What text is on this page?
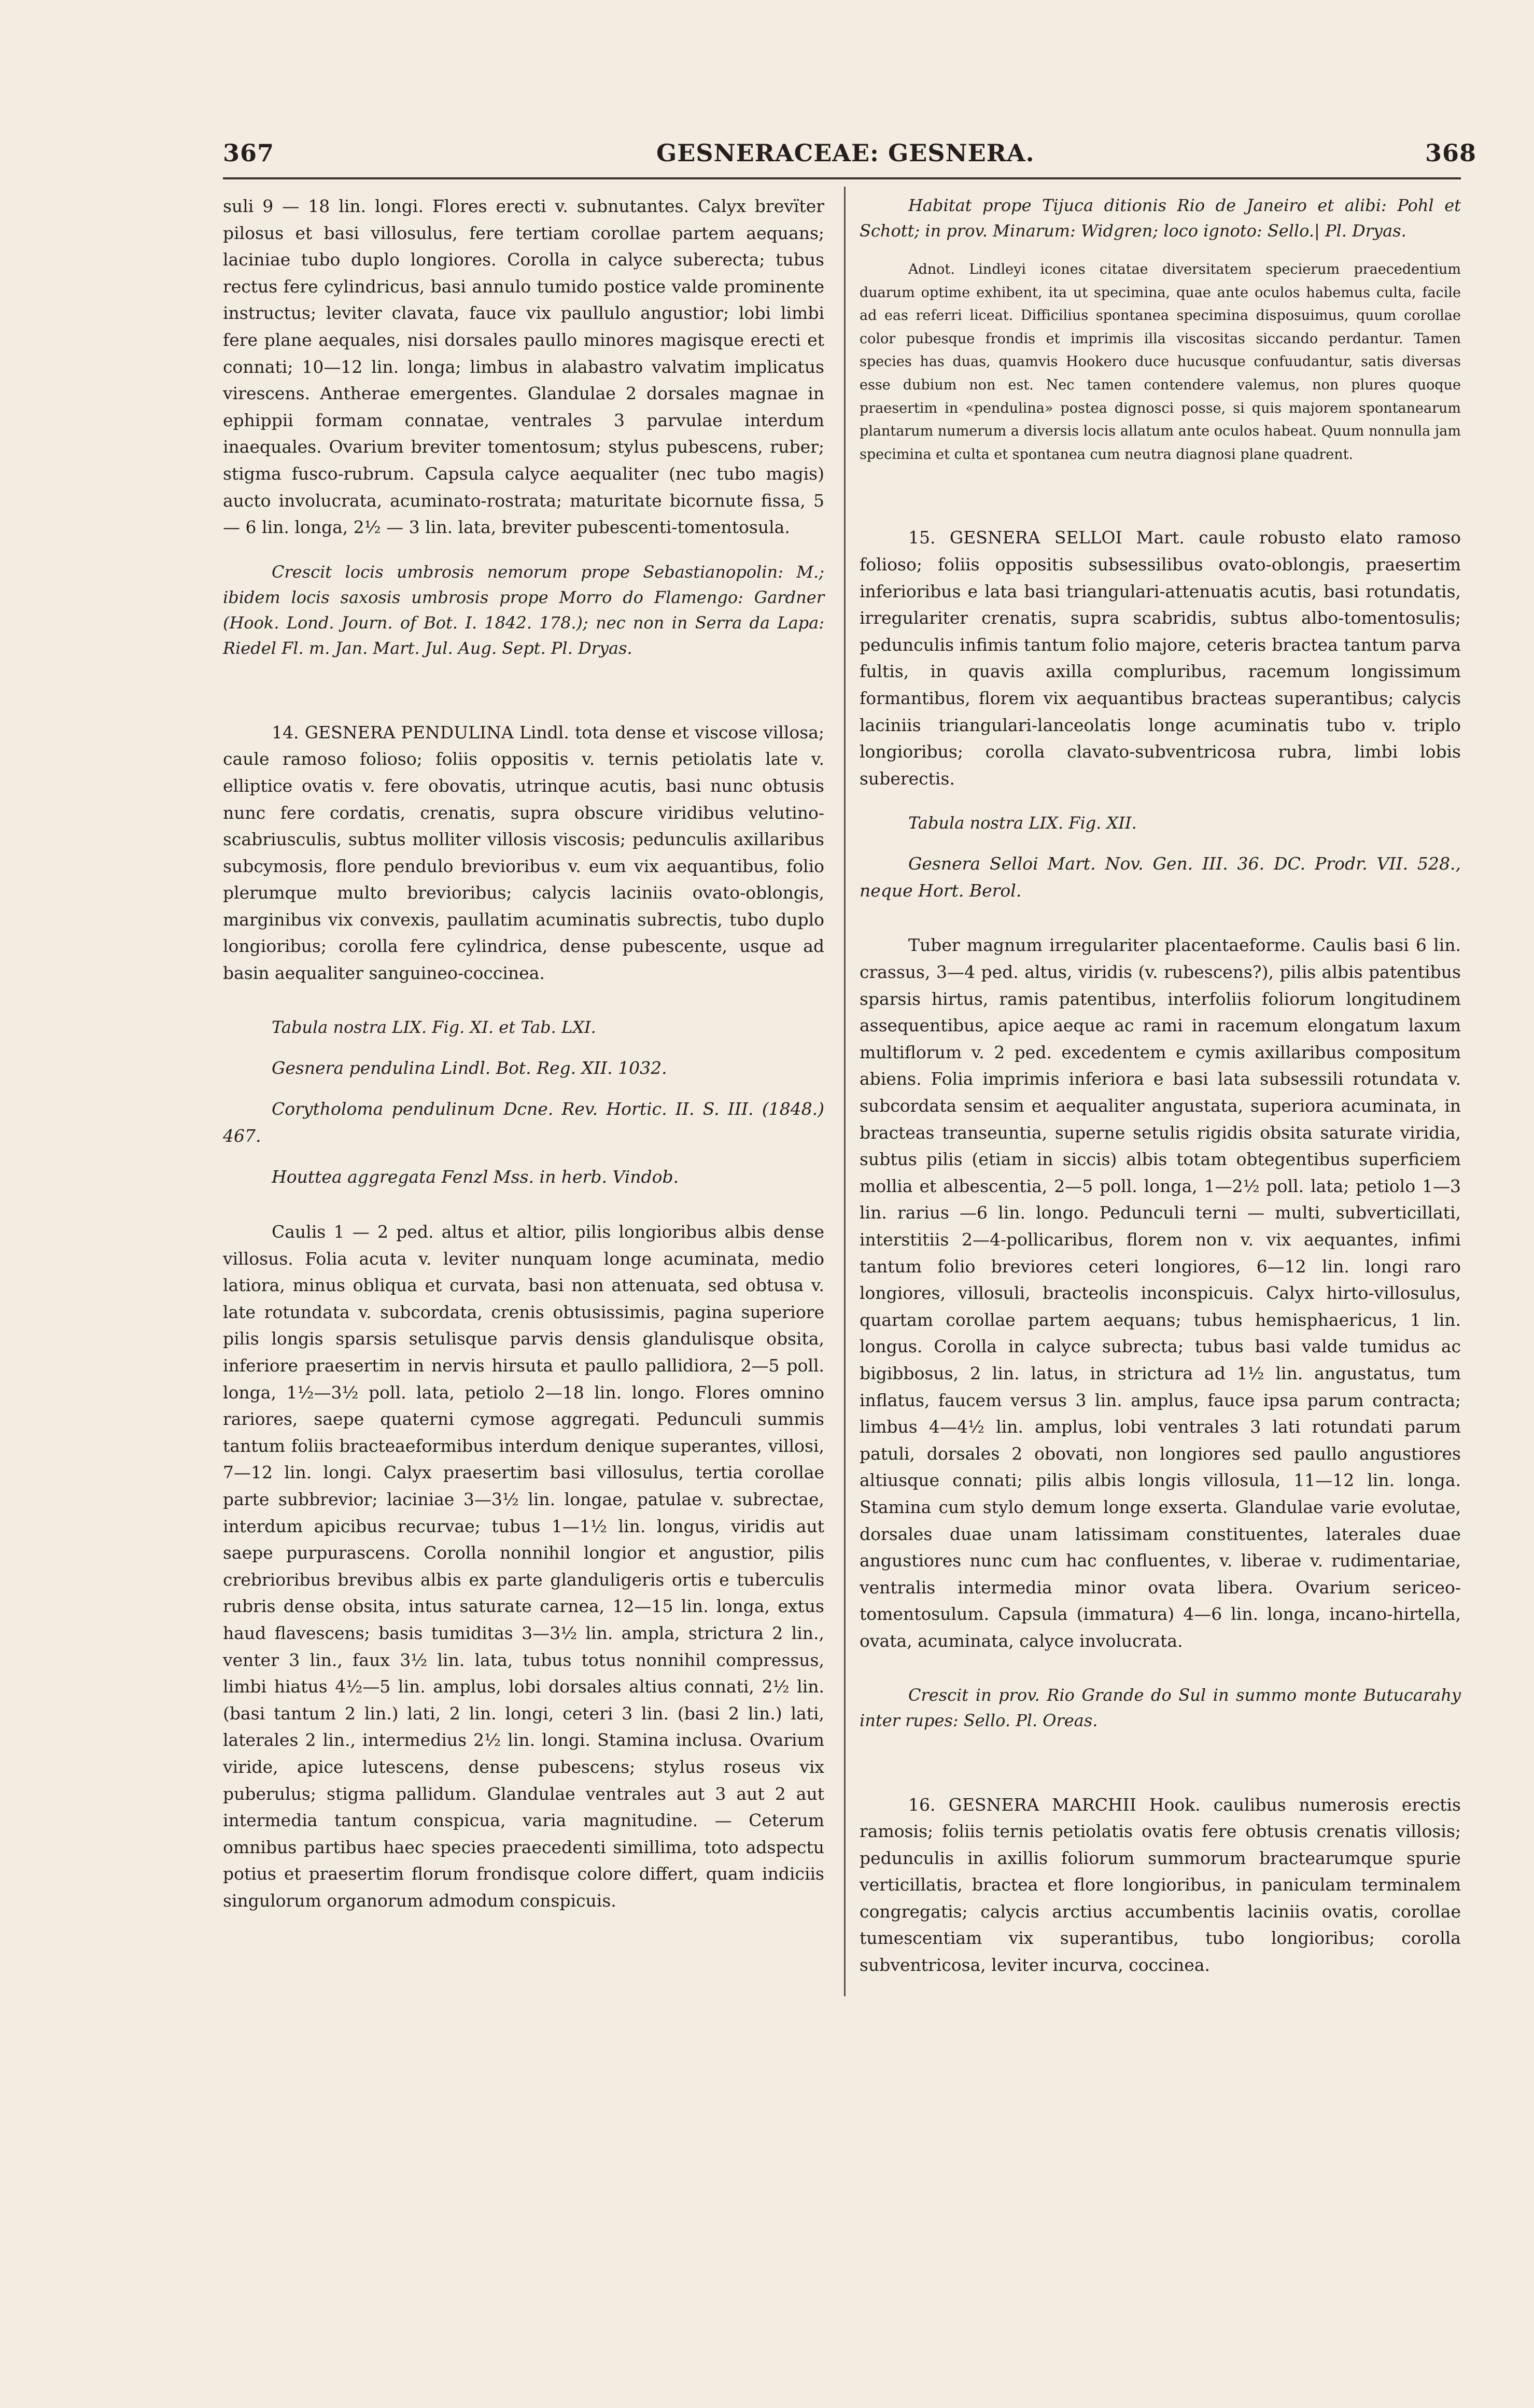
367	GESNERACEAE: GESNERA.	368

suli 9 — 18 lin. longi. Flores erecti v. subnutantes. Calyx brevïter pilosus et basi villosulus, fere tertiam corollae partem aequans; laciniae tubo duplo longiores. Corolla in calyce suberecta; tubus rectus fere cylindricus, basi annulo tumido postice valde prominente instructus; leviter clavata, fauce vix paullulo angustior; lobi limbi fere plane aequales, nisi dorsales paullo minores magisque erecti et connati; 10—12 lin. longa; limbus in alabastro valvatim implicatus virescens. Antherae emergentes. Glandulae 2 dorsales magnae in ephippii formam connatae, ventrales 3 parvulae interdum inaequales. Ovarium breviter tomentosum; stylus pubescens, ruber; stigma fusco-rubrum. Capsula calyce aequaliter (nec tubo magis) aucto involucrata, acuminato-rostrata; maturitate bicornute fissa, 5 — 6 lin. longa, 2½ — 3 lin. lata, breviter pubescenti-tomentosula.

Crescit locis umbrosis nemorum prope Sebastianopolin: M.; ibidem locis saxosis umbrosis prope Morro do Flamengo: Gardner (Hook. Lond. Journ. of Bot. I. 1842. 178.); nec non in Serra da Lapa: Riedel Fl. m. Jan. Mart. Jul. Aug. Sept. Pl. Dryas.

14. GESNERA PENDULINA Lindl. tota dense et viscose villosa; caule ramoso folioso; foliis oppositis v. ternis petiolatis late v. elliptice ovatis v. fere obovatis, utrinque acutis, basi nunc obtusis nunc fere cordatis, crenatis, supra obscure viridibus velutino-scabriusculis, subtus molliter villosis viscosis; pedunculis axillaribus subcymosis, flore pendulo brevioribus v. eum vix aequantibus, folio plerumque multo brevioribus; calycis laciniis ovato-oblongis, marginibus vix convexis, paullatim acuminatis subrectis, tubo duplo longioribus; corolla fere cylindrica, dense pubescente, usque ad basin aequaliter sanguineo-coccinea.

Tabula nostra LIX. Fig. XI. et Tab. LXI.

Gesnera pendulina Lindl. Bot. Reg. XII. 1032.

Corytholoma pendulinum Dcne. Rev. Hortic. II. S. III. (1848.) 467.

Houttea aggregata Fenzl Mss. in herb. Vindob.

Caulis 1 — 2 ped. altus et altior, pilis longioribus albis dense villosus. Folia acuta v. leviter nunquam longe acuminata, medio latiora, minus obliqua et curvata, basi non attenuata, sed obtusa v. late rotundata v. subcordata, crenis obtusissimis, pagina superiore pilis longis sparsis setulisque parvis densis glandulisque obsita, inferiore praesertim in nervis hirsuta et paullo pallidiora, 2—5 poll. longa, 1½—3½ poll. lata, petiolo 2—18 lin. longo. Flores omnino rariores, saepe quaterni cymose aggregati. Pedunculi summis tantum foliis bracteaeformibus interdum denique superantes, villosi, 7—12 lin. longi. Calyx praesertim basi villosulus, tertia corollae parte subbrevior; laciniae 3—3½ lin. longae, patulae v. subrectae, interdum apicibus recurvae; tubus 1—1½ lin. longus, viridis aut saepe purpurascens. Corolla nonnihil longior et angustior, pilis crebrioribus brevibus albis ex parte glanduligeris ortis e tuberculis rubris dense obsita, intus saturate carnea, 12—15 lin. longa, extus haud flavescens; basis tumiditas 3—3½ lin. ampla, strictura 2 lin., venter 3 lin., faux 3½ lin. lata, tubus totus nonnihil compressus, limbi hiatus 4½—5 lin. amplus, lobi dorsales altius connati, 2½ lin. (basi tantum 2 lin.) lati, 2 lin. longi, ceteri 3 lin. (basi 2 lin.) lati, laterales 2 lin., intermedius 2½ lin. longi. Stamina inclusa. Ovarium viride, apice lutescens, dense pubescens; stylus roseus vix puberulus; stigma pallidum. Glandulae ventrales aut 3 aut 2 aut intermedia tantum conspicua, varia magnitudine. — Ceterum omnibus partibus haec species praecedenti simillima, toto adspectu potius et praesertim florum frondisque colore differt, quam indiciis singulorum organorum admodum conspicuis.

Habitat prope Tijuca ditionis Rio de Janeiro et alibi: Pohl et Schott; in prov. Minarum: Widgren; loco ignoto: Sello.| Pl. Dryas.

Adnot. Lindleyi icones citatae diversitatem specierum praecedentium duarum optime exhibent, ita ut specimina, quae ante oculos habemus culta, facile ad eas referri liceat. Difficilius spontanea specimina disposuimus, quum corollae color pubesque frondis et imprimis illa viscositas siccando perdantur. Tamen species has duas, quamvis Hookero duce hucusque confuudantur, satis diversas esse dubium non est. Nec tamen contendere valemus, non plures quoque praesertim in «pendulina» postea dignosci posse, si quis majorem spontanearum plantarum numerum a diversis locis allatum ante oculos habeat. Quum nonnulla jam specimina et culta et spontanea cum neutra diagnosi plane quadrent.

15. GESNERA SELLOI Mart. caule robusto elato ramoso folioso; foliis oppositis subsessilibus ovato-oblongis, praesertim inferioribus e lata basi triangulari-attenuatis acutis, basi rotundatis, irregulariter crenatis, supra scabridis, subtus albo-tomentosulis; pedunculis infimis tantum folio majore, ceteris bractea tantum parva fultis, in quavis axilla compluribus, racemum longissimum formantibus, florem vix aequantibus bracteas superantibus; calycis laciniis triangulari-lanceolatis longe acuminatis tubo v. triplo longioribus; corolla clavato-subventricosa rubra, limbi lobis suberectis.

Tabula nostra LIX. Fig. XII.

Gesnera Selloi Mart. Nov. Gen. III. 36. DC. Prodr. VII. 528., neque Hort. Berol.

Tuber magnum irregulariter placentaeforme. Caulis basi 6 lin. crassus, 3—4 ped. altus, viridis (v. rubescens?), pilis albis patentibus sparsis hirtus, ramis patentibus, interfoliis foliorum longitudinem assequentibus, apice aeque ac rami in racemum elongatum laxum multiflorum v. 2 ped. excedentem e cymis axillaribus compositum abiens. Folia imprimis inferiora e basi lata subsessili rotundata v. subcordata sensim et aequaliter angustata, superiora acuminata, in bracteas transeuntia, superne setulis rigidis obsita saturate viridia, subtus pilis (etiam in siccis) albis totam obtegentibus superficiem mollia et albescentia, 2—5 poll. longa, 1—2½ poll. lata; petiolo 1—3 lin. rarius —6 lin. longo. Pedunculi terni — multi, subverticillati, interstitiis 2—4-pollicaribus, florem non v. vix aequantes, infimi tantum folio breviores ceteri longiores, 6—12 lin. longi raro longiores, villosuli, bracteolis inconspicuis. Calyx hirto-villosulus, quartam corollae partem aequans; tubus hemisphaericus, 1 lin. longus. Corolla in calyce subrecta; tubus basi valde tumidus ac bigibbosus, 2 lin. latus, in strictura ad 1½ lin. angustatus, tum inflatus, faucem versus 3 lin. amplus, fauce ipsa parum contracta; limbus 4—4½ lin. amplus, lobi ventrales 3 lati rotundati parum patuli, dorsales 2 obovati, non longiores sed paullo angustiores altiusque connati; pilis albis longis villosula, 11—12 lin. longa. Stamina cum stylo demum longe exserta. Glandulae varie evolutae, dorsales duae unam latissimam constituentes, laterales duae angustiores nunc cum hac confluentes, v. liberae v. rudimentariae, ventralis intermedia minor ovata libera. Ovarium sericeo-tomentosulum. Capsula (immatura) 4—6 lin. longa, incano-hirtella, ovata, acuminata, calyce involucrata.

Crescit in prov. Rio Grande do Sul in summo monte Butucarahy inter rupes: Sello. Pl. Oreas.

16. GESNERA MARCHII Hook. caulibus numerosis erectis ramosis; foliis ternis petiolatis ovatis fere obtusis crenatis villosis; pedunculis in axillis foliorum summorum bractearumque spurie verticillatis, bractea et flore longioribus, in paniculam terminalem congregatis; calycis arctius accumbentis laciniis ovatis, corollae tumescentiam vix superantibus, tubo longioribus; corolla subventricosa, leviter incurva, coccinea.
